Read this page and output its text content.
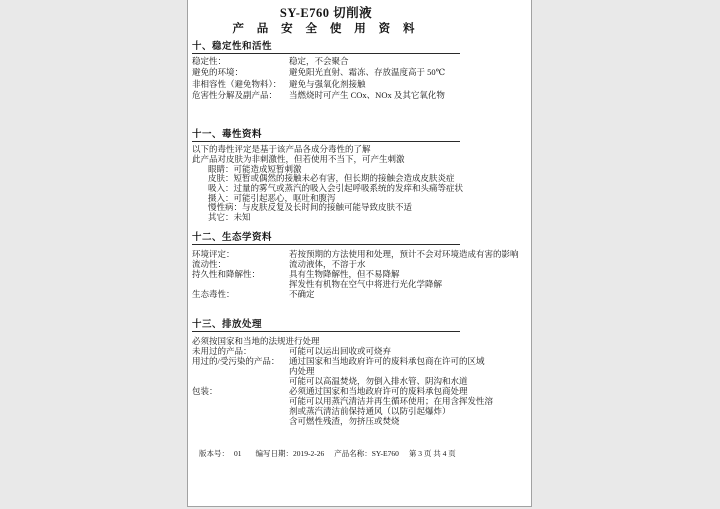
SY-E760 切削液
产 品 安 全 使 用 资 料
十、稳定性和活性
稳定性：	稳定，不会聚合
避免的环境：	避免阳光直射、霜冻、存放温度高于 50℃
非相容性（避免物料）： 避免与强氧化剂接触
危害性分解及副产品：	当燃烧时可产生 COx、NOx 及其它氧化物
十一、毒性资料
以下的毒性评定是基于该产品各成分毒性的了解
此产品对皮肤为非刺激性，但若使用不当下，可产生刺激
眼睛：可能造成短暂刺激
皮肤：短暂或偶然的接触未必有害，但长期的接触会造成皮肤炎症
吸入：过量的雾气或蒸汽的吸入会引起呼吸系统的发痒和头痛等症状
摄入：可能引起恶心，呕吐和腹泻
慢性病：与皮肤反复及长时间的接触可能导致皮肤不适
其它：未知
十二、生态学资料
环境评定：	若按预期的方法使用和处理，预计不会对环境造成有害的影响
流动性：	流动液体，不溶于水
持久性和降解性：	具有生物降解性，但不易降解
挥发性有机物在空气中将进行光化学降解
生态毒性：	不确定
十三、排放处理
必须按国家和当地的法规进行处理
未用过的产品：	可能可以运出回收或可烧弃
用过的/受污染的产品：	通过国家和当地政府许可的废料承包商在许可的区域
内处理
可能可以高温焚烧，勿倒入排水管、阴沟和水道
包装：	必须通过国家和当地政府许可的废料承包商处理
可能可以用蒸汽清洁并再生循环使用；在用含挥发性溶
剂或蒸汽清洁前保持通风（以防引起爆炸）
含可燃性残渣，勿挤压或焚烧
版本号： 01 编写日期：2019-2-26 产品名称：SY-E760 第 3 页 共 4 页
